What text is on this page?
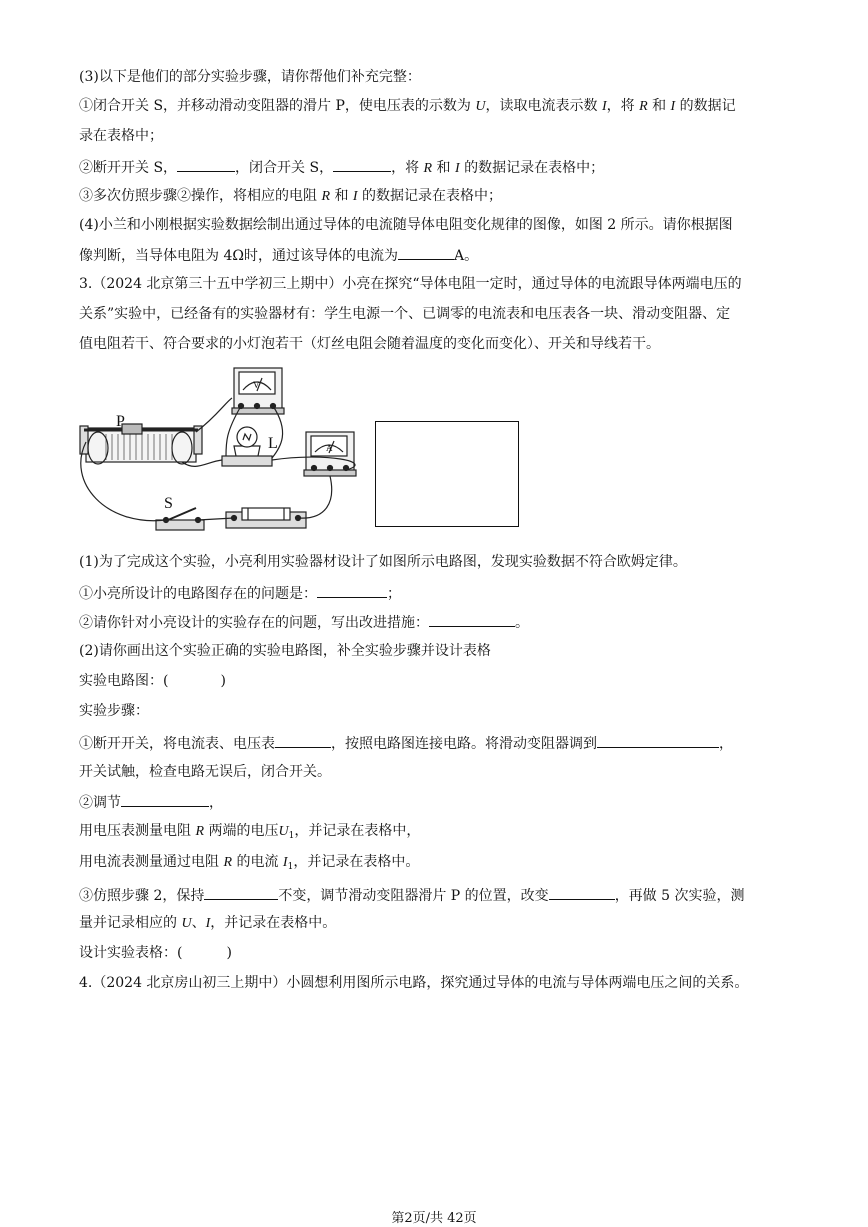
(3)以下是他们的部分实验步骤，请你帮他们补充完整：
①闭合开关 S，并移动滑动变阻器的滑片 P，使电压表的示数为 U，读取电流表示数 I，将 R 和 I 的数据记
录在表格中；
②断开开关 S，	，闭合开关 S，	，将 R 和 I 的数据记录在表格中；
③多次仿照步骤②操作，将相应的电阻 R 和 I 的数据记录在表格中；
(4)小兰和小刚根据实验数据绘制出通过导体的电流随导体电阻变化规律的图像，如图 2 所示。请你根据图
像判断，当导体电阻为 4Ω时，通过该导体的电流为	A。
3.（2024 北京第三十五中学初三上期中）小亮在探究“导体电阻一定时，通过导体的电流跟导体两端电压的
关系”实验中，已经备有的实验器材有：学生电源一个、已调零的电流表和电压表各一块、滑动变阻器、定
值电阻若干、符合要求的小灯泡若干（灯丝电阻会随着温度的变化而变化）、开关和导线若干。
P
L
S
V
A
(1)为了完成这个实验，小亮利用实验器材设计了如图所示电路图，发现实验数据不符合欧姆定律。
①小亮所设计的电路图存在的问题是：	；
②请你针对小亮设计的实验存在的问题，写出改进措施：	。
(2)请你画出这个实验正确的实验电路图，补全实验步骤并设计表格
实验电路图：(	)
实验步骤：
①断开开关，将电流表、电压表	，按照电路图连接电路。将滑动变阻器调到	，
开关试触，检查电路无误后，闭合开关。
②调节	，
用电压表测量电阻 R 两端的电压$U_1$，并记录在表格中，
用电流表测量通过电阻 R 的电流 $I_1$，并记录在表格中。
③仿照步骤 2，保持	不变，调节滑动变阻器滑片 P 的位置，改变	，再做 5 次实验，测
量并记录相应的 U、I，并记录在表格中。
设计实验表格：(	)
4.（2024 北京房山初三上期中）小圆想利用图所示电路，探究通过导体的电流与导体两端电压之间的关系。
第2页/共 42页
